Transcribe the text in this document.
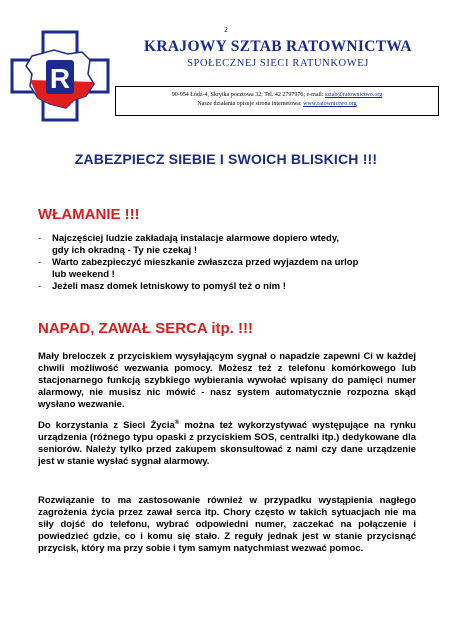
2
R
KRAJOWY SZTAB RATOWNICTWA
SPOŁECZNEJ SIECI RATUNKOWEJ
90-954 Łódź-4, Skrytka pocztowa 32; Tel. 42 2797976; e-mail: sztab@ratownictwo.org
Nasze działania opisuje strona internetowa: www.ratownictwo.org
ZABEZPIECZ SIEBIE I SWOICH BLISKICH !!!
WŁAMANIE !!!
- Najczęściej ludzie zakładają instalacje alarmowe dopiero wtedy,
gdy ich okradną - Ty nie czekaj !
- Warto zabezpieczyć mieszkanie zwłaszcza przed wyjazdem na urlop
lub weekend !
- Jeżeli masz domek letniskowy to pomyśl też o nim !
NAPAD, ZAWAŁ SERCA itp. !!!

Mały breloczek z przyciskiem wysyłającym sygnał o napadzie zapewni Ci w każdej chwili możliwość wezwania pomocy. Możesz też z telefonu komórkowego lub stacjonarnego funkcją szybkiego wybierania wywołać wpisany do pamięci numer alarmowy, nie musisz nic mówić - nasz system automatycznie rozpozna skąd wysłano wezwanie.

Do korzystania z Sieci Życia® można też wykorzystywać występujące na rynku urządzenia (różnego typu opaski z przyciskiem SOS, centralki itp.) dedykowane dla seniorów. Należy tylko przed zakupem skonsultować z nami czy dane urządzenie jest w stanie wysłać sygnał alarmowy.

Rozwiązanie to ma zastosowanie również w przypadku wystąpienia nagłego zagrożenia życia przez zawał serca itp. Chory często w takich sytuacjach nie ma siły dojść do telefonu, wybrać odpowiedni numer, zaczekać na połączenie i powiedzieć gdzie, co i komu się stało. Z reguły jednak jest w stanie przycisnąć przycisk, który ma przy sobie i tym samym natychmiast wezwać pomoc.
